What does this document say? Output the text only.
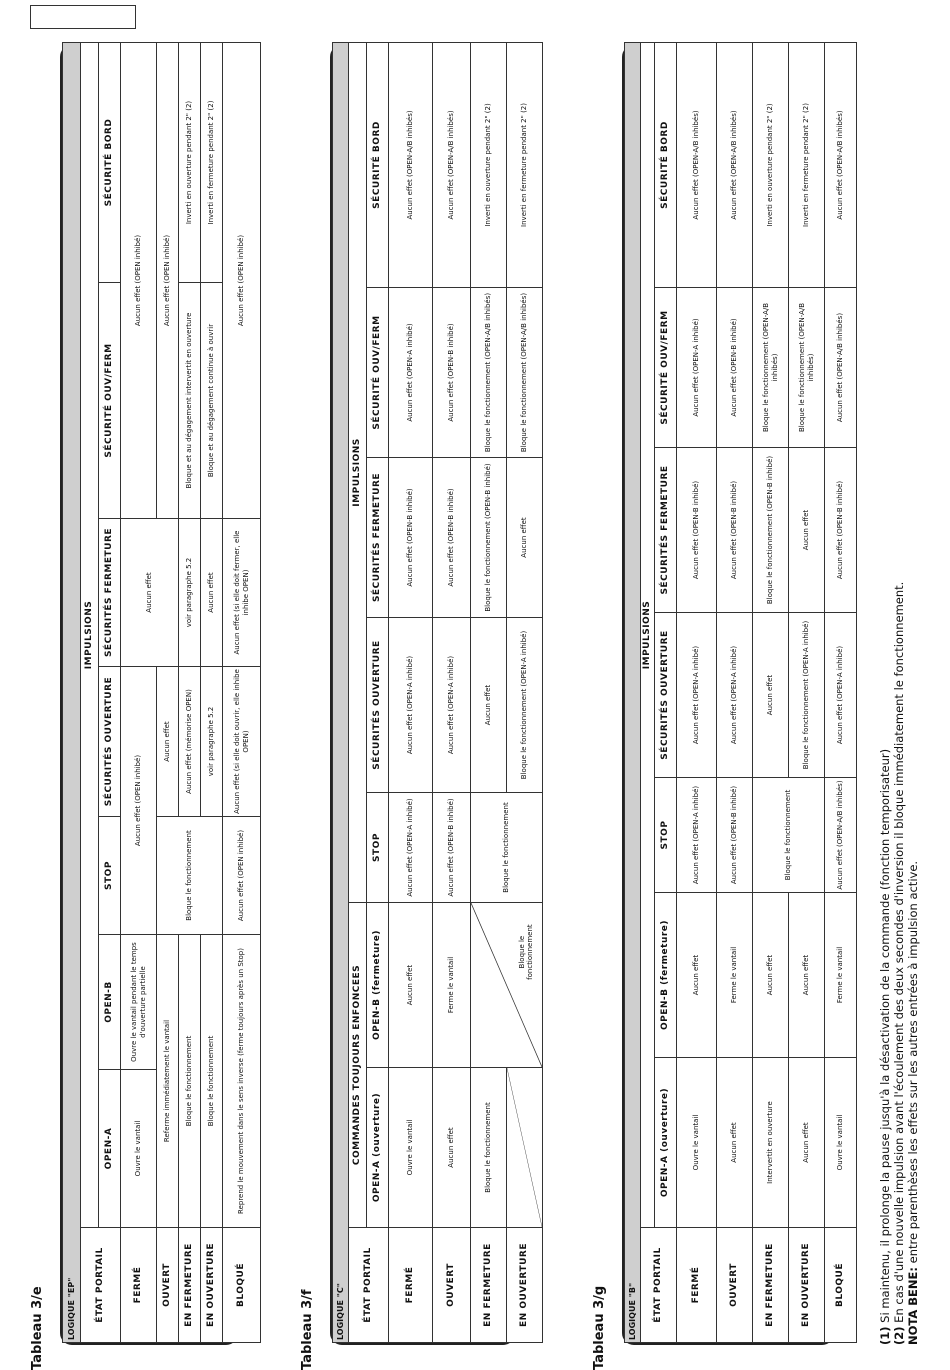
Tableau 3/e	LOGIQUE "EP"							
ÉTAT PORTAIL	IMPULSIONS						
	OPEN-A	OPEN-B	STOP	SÉCURITÉS OUVERTURE	SÉCURITÉS FERMETURE	SÉCURITÉ OUV/FERM	SÉCURITÉ BORD
FERMÉ	Ouvre le vantail	Ouvre le vantail pendant le temps d'ouverture partielle	Aucun effet (OPEN inhibé)		Aucun effet	Aucun effet (OPEN inhibé)	
OUVERT	Referme immédiatement le vantail		Bloque le fonctionnement	Aucun effet		Aucun effet (OPEN inhibé)	
EN FERMETURE	Bloque le fonctionnement			Aucun effet (mémorise OPEN)	voir paragraphe 5.2	Bloque et au dégagement intervertit en ouverture	Inverti en ouverture pendant 2" (2)
EN OUVERTURE	Bloque le fonctionnement			voir paragraphe 5.2	Aucun effet	Bloque et au dégagement continue à ouvrir	Inverti en fermeture pendant 2" (2)
BLOQUÉ	Reprend le mouvement dans le sens inverse (ferme toujours après un Stop)		Aucun effet (OPEN inhibé)	Aucun effet (si elle doit ouvrir, elle inhibe OPEN)	Aucun effet (si elle doit fermer, elle inhibe OPEN)	Aucun effet (OPEN inhibé)	
Tableau 3/f	LOGIQUE "C"							
ÉTAT PORTAIL	COMMANDES TOUJOURS ENFONCEES		IMPULSIONS				
	OPEN-A (ouverture)	OPEN-B (fermeture)	STOP	SÉCURITÉS OUVERTURE	SÉCURITÉS FERMETURE	SÉCURITÉ OUV/FERM	SÉCURITÉ BORD
FERMÉ	Ouvre le vantail	Aucun effet	Aucun effet (OPEN-A inhibé)	Aucun effet (OPEN-A inhibé)	Aucun effet (OPEN-B inhibé)	Aucun effet (OPEN-A inhibé)	Aucun effet (OPEN-A/B inhibés)
OUVERT	Aucun effet	Ferme le vantail	Aucun effet (OPEN-B inhibé)	Aucun effet (OPEN-A inhibé)	Aucun effet (OPEN-B inhibé)	Aucun effet (OPEN-B inhibé)	Aucun effet (OPEN-A/B inhibés)
EN FERMETURE	Bloque le fonctionnement	Bloque le fonctionnement	Bloque le fonctionnement	Aucun effet	Bloque le fonctionnement (OPEN-B inhibé)	Bloque le fonctionnement (OPEN-A/B inhibés)	Inverti en ouverture pendant 2" (2)
EN OUVERTURE				Bloque le fonctionnement (OPEN-A inhibé)	Aucun effet	Bloque le fonctionnement (OPEN-A/B inhibés)	Inverti en fermeture pendant 2" (2)
Tableau 3/g	LOGIQUE "B"							
ÉTAT PORTAIL	IMPULSIONS						
	OPEN-A (ouverture)	OPEN-B (fermeture)	STOP	SÉCURITÉS OUVERTURE	SÉCURITÉS FERMETURE	SÉCURITÉ OUV/FERM	SÉCURITÉ BORD
FERMÉ	Ouvre le vantail	Aucun effet	Aucun effet (OPEN-A inhibé)	Aucun effet (OPEN-A inhibé)	Aucun effet (OPEN-B inhibé)	Aucun effet (OPEN-A inhibé)	Aucun effet (OPEN-A/B inhibés)
OUVERT	Aucun effet	Ferme le vantail	Aucun effet (OPEN-B inhibé)	Aucun effet (OPEN-A inhibé)	Aucun effet (OPEN-B inhibé)	Aucun effet (OPEN-B inhibé)	Aucun effet (OPEN-A/B inhibés)
EN FERMETURE	Intervertit en ouverture	Aucun effet	Bloque le fonctionnement	Aucun effet	Bloque le fonctionnement (OPEN-B inhibé)	Bloque le fonctionnement (OPEN-A/B inhibés)	Inverti en ouverture pendant 2" (2)
EN OUVERTURE	Aucun effet	Aucun effet		Bloque le fonctionnement (OPEN-A inhibé)	Aucun effet	Bloque le fonctionnement (OPEN-A/B inhibés)	Inverti en fermeture pendant 2" (2)
BLOQUÉ	Ouvre le vantail	Ferme le vantail	Aucun effet (OPEN-A/B inhibés)	Aucun effet (OPEN-A inhibé)	Aucun effet (OPEN-B inhibé)	Aucun effet (OPEN-A/B inhibés)	Aucun effet (OPEN-A/B inhibés)
(1) Si maintenu, il prolonge la pause jusqu'à la désactivation de la commande (fonction temporisateur)
(2) En cas d'une nouvelle impulsion avant l'écoulement des deux secondes d'inversion il bloque immédiatement le fonctionnement. NOTA BENE: entre parenthèses les effets sur les autres entrées à impulsion active.
